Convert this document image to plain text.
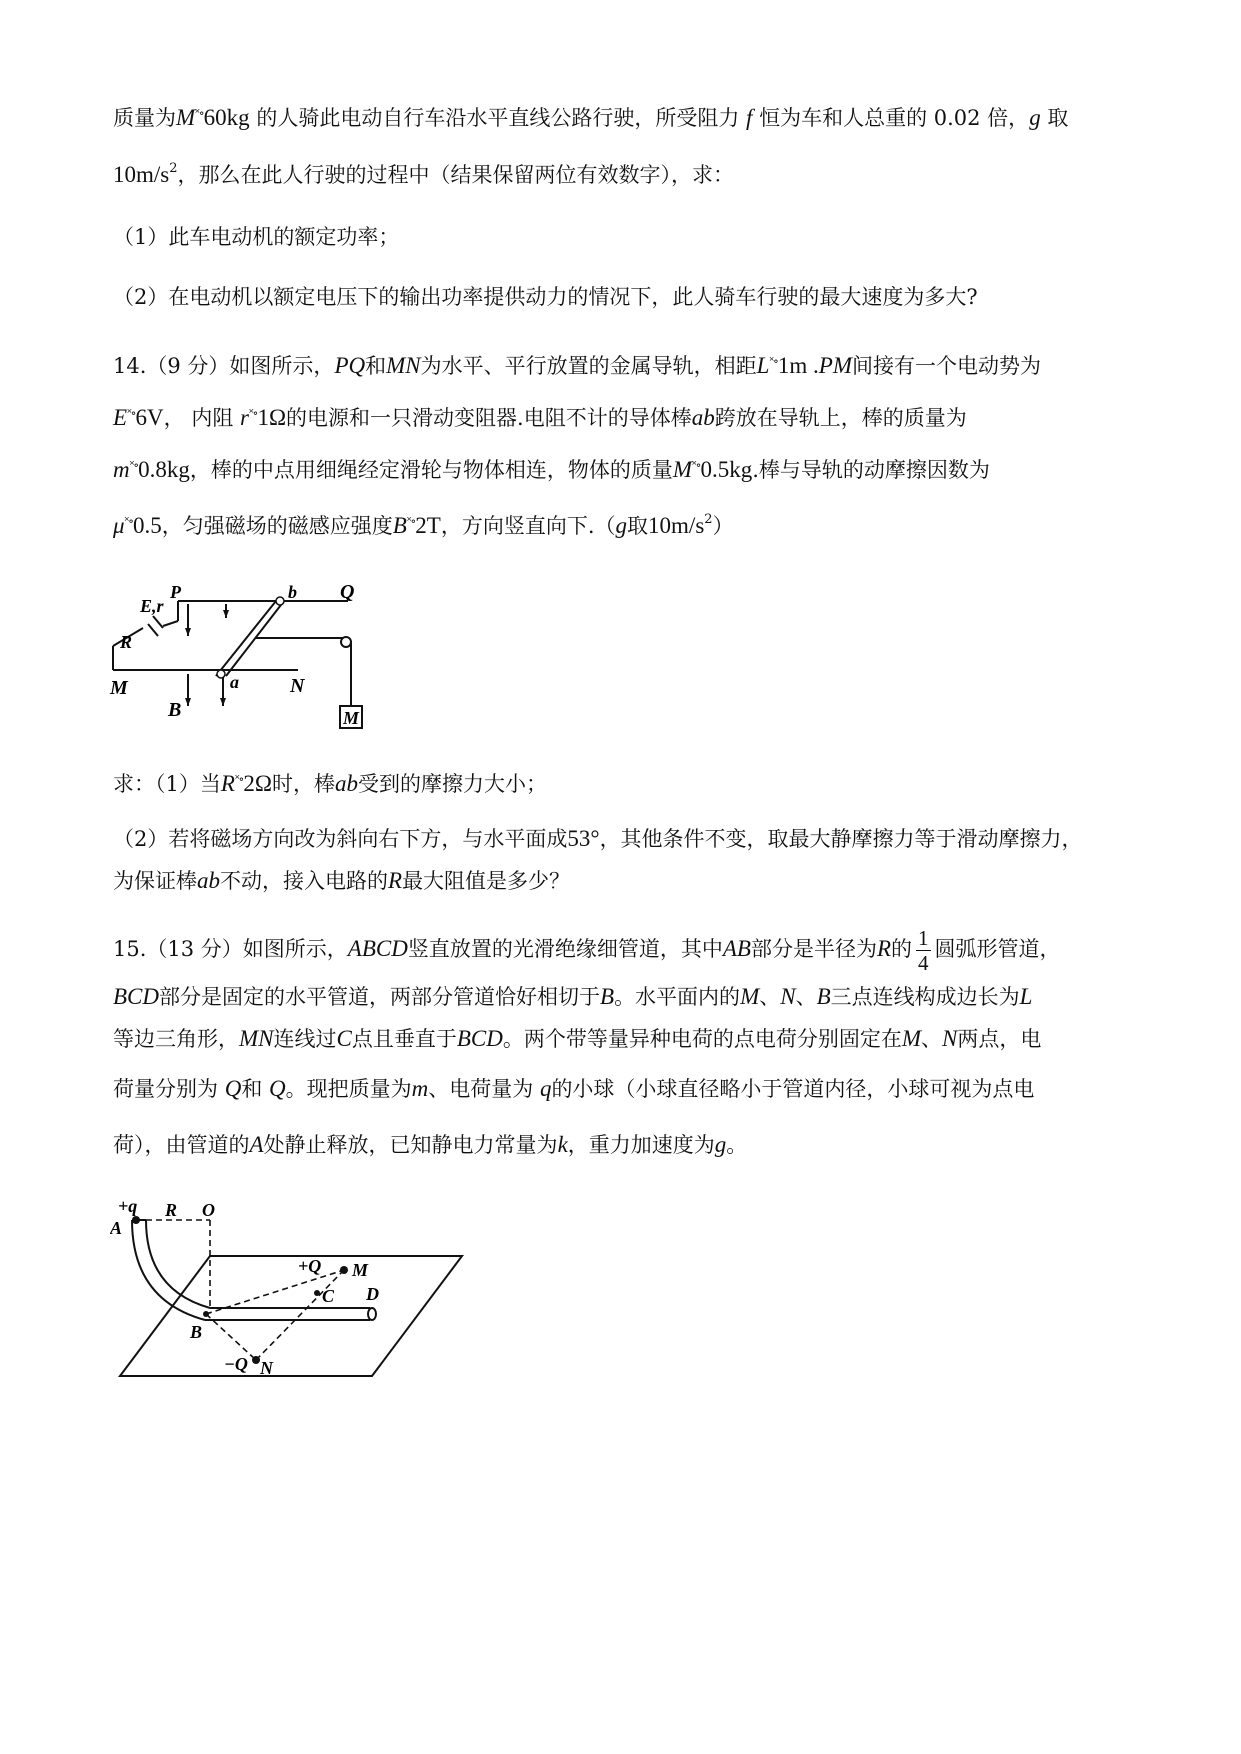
质量为M˟∘60kg 的人骑此电动自行车沿水平直线公路行驶，所受阻力 f 恒为车和人总重的 0.02 倍，g 取
$10m/s^2$，那么在此人行驶的过程中（结果保留两位有效数字），求：
（1）此车电动机的额定功率；
（2）在电动机以额定电压下的输出功率提供动力的情况下，此人骑车行驶的最大速度为多大?
14.（9 分）如图所示，PQ和MN为水平、平行放置的金属导轨，相距L˟∘1m .PM间接有一个电动势为
E˟∘6V， 内阻 r˟∘1Ω的电源和一只滑动变阻器.电阻不计的导体棒ab跨放在导轨上，棒的质量为
m˟∘0.8kg，棒的中点用细绳经定滑轮与物体相连，物体的质量M˟∘0.5kg.棒与导轨的动摩擦因数为
μ˟∘0.5，匀强磁场的磁感应强度B˟∘2T，方向竖直向下.（g取$10m/s^2$）
E,r
P	b Q
R
M	a	N
B	M
求：（1）当R˟∘2Ω时，棒ab受到的摩擦力大小；
（2）若将磁场方向改为斜向右下方，与水平面成53°，其他条件不变，取最大静摩擦力等于滑动摩擦力，
为保证棒ab不动，接入电路的R最大阻值是多少？
15.（13 分）如图所示，ABCD竖直放置的光滑绝缘细管道，其中AB部分是半径为R的 $\frac{1}{4}$ 圆弧形管道，
BCD部分是固定的水平管道，两部分管道恰好相切于B。水平面内的M、N、B三点连线构成边长为L
等边三角形，MN连线过C点且垂直于BCD。两个带等量异种电荷的点电荷分别固定在M、N两点，电
荷量分别为 Q和 Q。现把质量为m、电荷量为 q的小球（小球直径略小于管道内径，小球可视为点电
荷），由管道的A处静止释放，已知静电力常量为k，重力加速度为g。
+q
A
R O
+Q M
C D
B
−Q N
